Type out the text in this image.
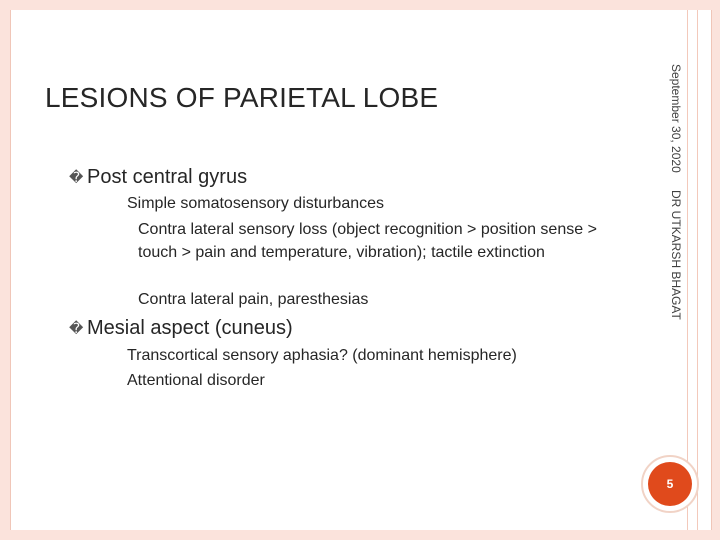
LESIONS OF PARIETAL LOBE	September 30, 2020
DR UTKARSH BHAGAT
� Post central gyrus
Simple somatosensory disturbances
Contra lateral sensory loss (object recognition > position sense > touch > pain and temperature, vibration); tactile extinction
Contra lateral pain, paresthesias
� Mesial aspect (cuneus)
Transcortical sensory aphasia? (dominant hemisphere)
Attentional disorder
5
